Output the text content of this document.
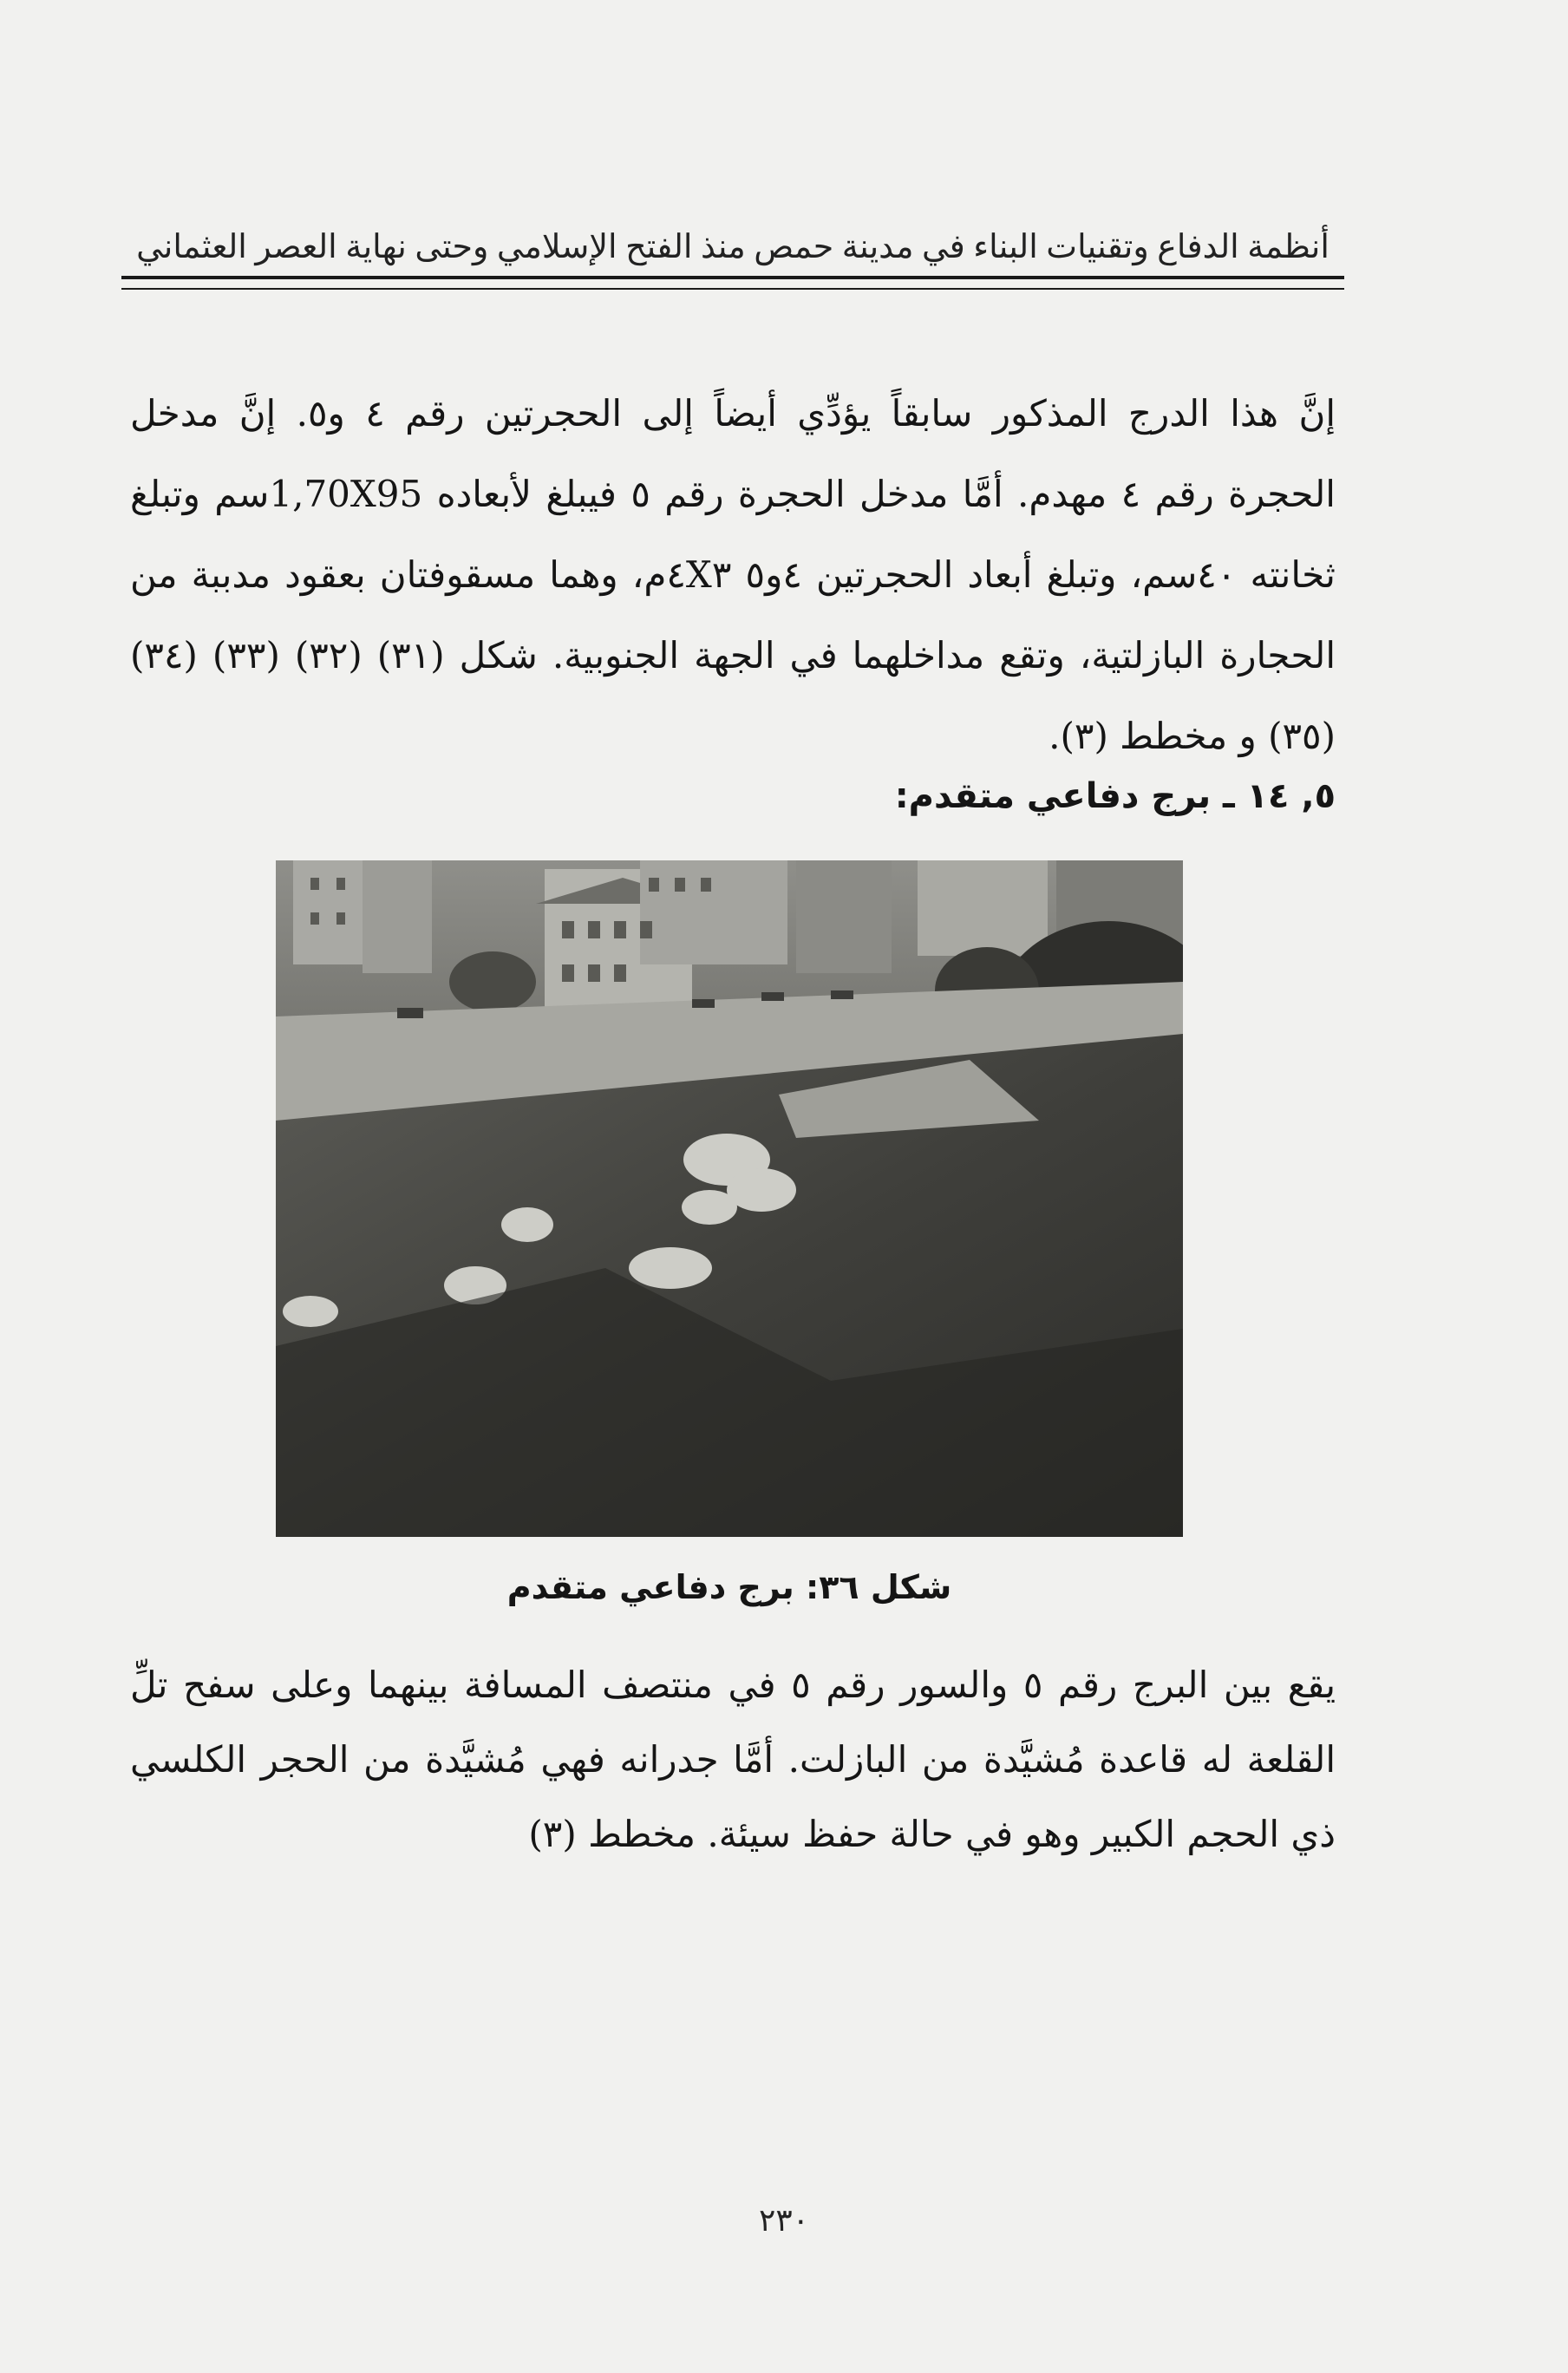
أنظمة الدفاع وتقنيات البناء في مدينة حمص منذ الفتح الإسلامي وحتى نهاية العصر العثماني
إنَّ هذا الدرج المذكور سابقاً يؤدِّي أيضاً إلى الحجرتين رقم ٤ و٥. إنَّ مدخل الحجرة رقم ٤ مهدم. أمَّا مدخل الحجرة رقم ٥ فيبلغ لأبعاده 1,70X95سم وتبلغ ثخانته ٤٠سم، وتبلغ أبعاد الحجرتين ٤و٥ ٤X٣م، وهما مسقوفتان بعقود مدببة من الحجارة البازلتية، وتقع مداخلهما في الجهة الجنوبية. شكل (٣١) (٣٢) (٣٣) (٣٤) (٣٥) و مخطط (٣).
٥, ١٤ ـ برج دفاعي متقدم:
شكل ٣٦: برج دفاعي متقدم
يقع بين البرج رقم ٥ والسور رقم ٥ في منتصف المسافة بينهما وعلى سفح تلِّ القلعة له قاعدة مُشيَّدة من البازلت. أمَّا جدرانه فهي مُشيَّدة من الحجر الكلسي ذي الحجم الكبير وهو في حالة حفظ سيئة. مخطط (٣)
٢٣٠
